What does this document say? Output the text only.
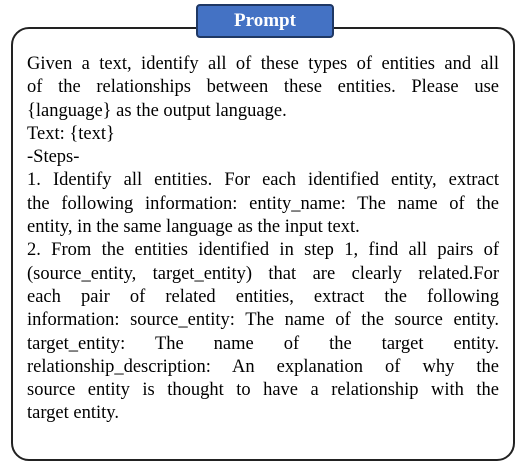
Prompt
Given a text, identify all of these types of entities and all
of the relationships between these entities. Please use
{language} as the output language.
Text: {text}
-Steps-
1. Identify all entities. For each identified entity, extract
the following information: entity_name: The name of the
entity, in the same language as the input text.
2. From the entities identified in step 1, find all pairs of
(source_entity, target_entity) that are clearly related.For
each pair of related entities, extract the following
information: source_entity: The name of the source entity.
target_entity: The name of the target entity.
relationship_description: An explanation of why the
source entity is thought to have a relationship with the
target entity.
